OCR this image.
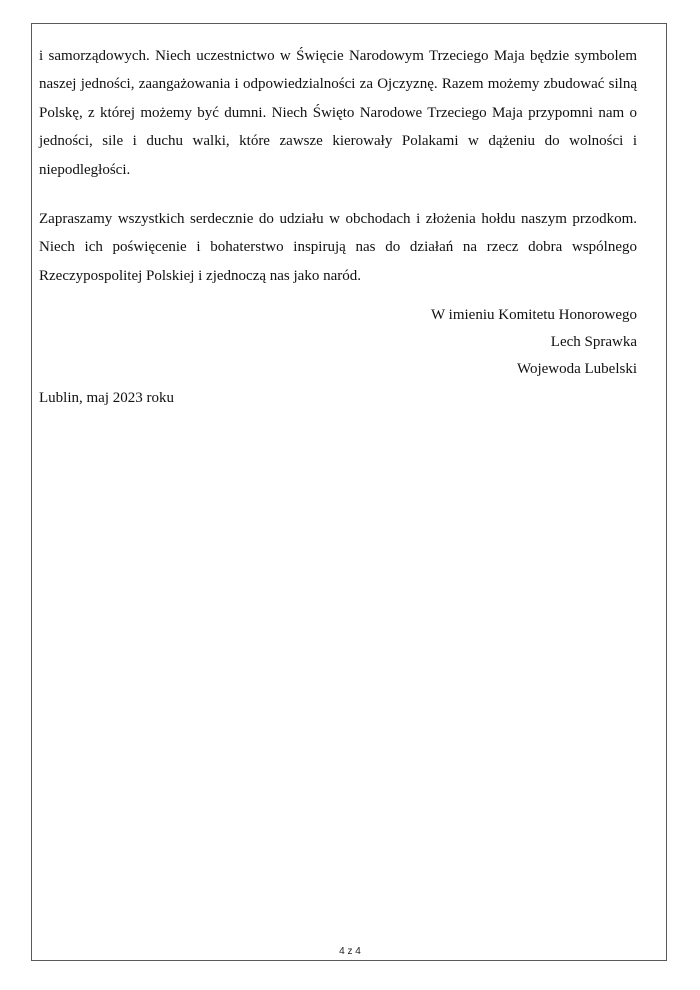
i samorządowych. Niech uczestnictwo w Święcie Narodowym Trzeciego Maja będzie symbolem naszej jedności, zaangażowania i odpowiedzialności za Ojczyznę. Razem możemy zbudować silną Polskę, z której możemy być dumni. Niech Święto Narodowe Trzeciego Maja przypomni nam o jedności, sile i duchu walki, które zawsze kierowały Polakami w dążeniu do wolności i niepodległości.

Zapraszamy wszystkich serdecznie do udziału w obchodach i złożenia hołdu naszym przodkom. Niech ich poświęcenie i bohaterstwo inspirują nas do działań na rzecz dobra wspólnego Rzeczypospolitej Polskiej i zjednoczą nas jako naród.

W imieniu Komitetu Honorowego
Lech Sprawka
Wojewoda Lubelski
Lublin, maj 2023 roku
4 z 4
